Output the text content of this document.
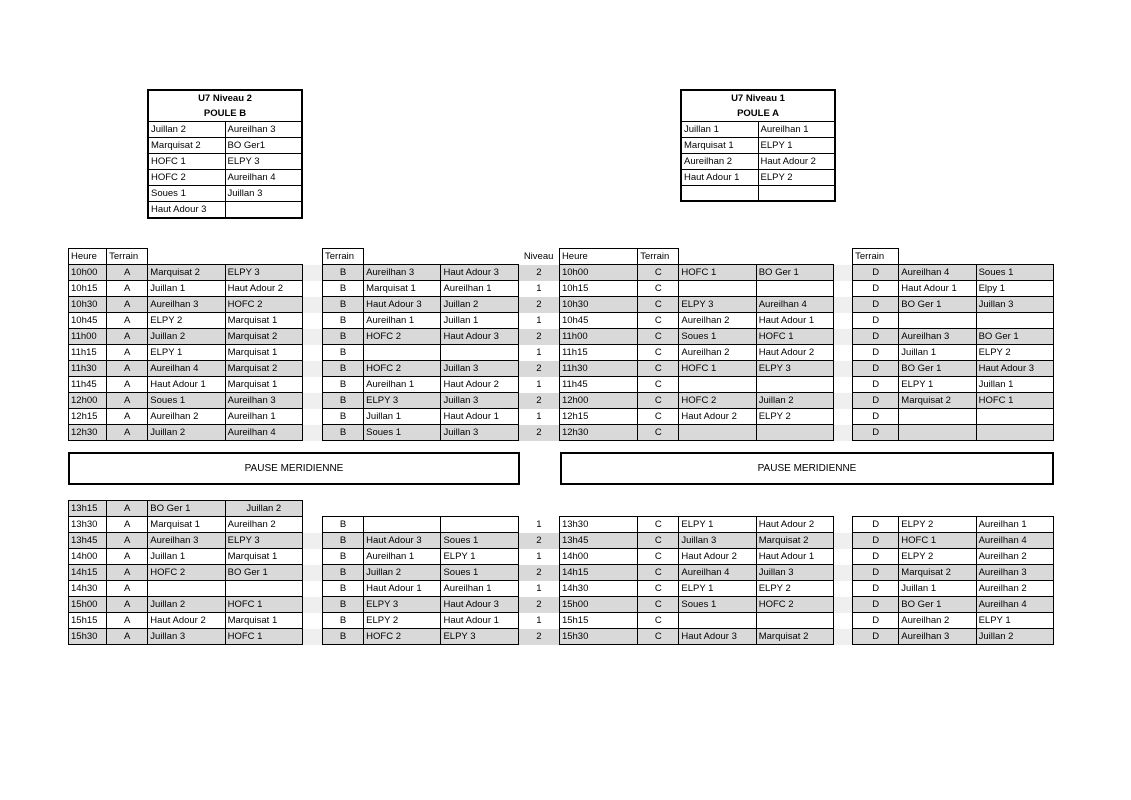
U7 Niveau 2	
POULE B	
Juillan 2	Aureilhan 3
Marquisat 2	BO Ger1
HOFC 1	ELPY 3
HOFC 2	Aureilhan 4
Soues 1	Juillan 3
Haut Adour 3	
U7 Niveau 1	
POULE A	
Juillan 1	Aureilhan 1
Marquisat 1	ELPY 1
Aureilhan 2	Haut Adour 2
Haut Adour 1	ELPY 2

Heure	Terrain				Terrain			Niveau	Heure	Terrain				Terrain		
10h00	A	Marquisat 2	ELPY 3		B	Aureilhan 3	Haut Adour 3	2	10h00	C	HOFC 1	BO Ger 1		D	Aureilhan 4	Soues 1
10h15	A	Juillan 1	Haut Adour 2		B	Marquisat 1	Aureilhan 1	1	10h15	C				D	Haut Adour 1	Elpy 1
10h30	A	Aureilhan 3	HOFC 2		B	Haut Adour 3	Juillan 2	2	10h30	C	ELPY 3	Aureilhan 4		D	BO Ger 1	Juillan 3
10h45	A	ELPY 2	Marquisat 1		B	Aureilhan 1	Juillan 1	1	10h45	C	Aureilhan 2	Haut Adour 1		D		
11h00	A	Juillan 2	Marquisat 2		B	HOFC 2	Haut Adour 3	2	11h00	C	Soues 1	HOFC 1		D	Aureilhan 3	BO Ger 1
11h15	A	ELPY 1	Marquisat 1		B			1	11h15	C	Aureilhan 2	Haut Adour 2		D	Juillan 1	ELPY 2
11h30	A	Aureilhan 4	Marquisat 2		B	HOFC 2	Juillan 3	2	11h30	C	HOFC 1	ELPY 3		D	BO Ger 1	Haut Adour 3
11h45	A	Haut Adour 1	Marquisat 1		B	Aureilhan 1	Haut Adour 2	1	11h45	C				D	ELPY 1	Juillan 1
12h00	A	Soues 1	Aureilhan 3		B	ELPY 3	Juillan 3	2	12h00	C	HOFC 2	Juillan 2		D	Marquisat 2	HOFC 1
12h15	A	Aureilhan 2	Aureilhan 1		B	Juillan 1	Haut Adour 1	1	12h15	C	Haut Adour 2	ELPY 2		D		
12h30	A	Juillan 2	Aureilhan 4		B	Soues 1	Juillan 3	2	12h30	C				D		
PAUSE MERIDIENNE	PAUSE MERIDIENNE
13h15	A	BO Ger 1	Juillan 2													
13h30	A	Marquisat 1	Aureilhan 2		B			1	13h30	C	ELPY 1	Haut Adour 2		D	ELPY 2	Aureilhan 1
13h45	A	Aureilhan 3	ELPY 3		B	Haut Adour 3	Soues 1	2	13h45	C	Juillan 3	Marquisat 2		D	HOFC 1	Aureilhan 4
14h00	A	Juillan 1	Marquisat 1		B	Aureilhan 1	ELPY 1	1	14h00	C	Haut Adour 2	Haut Adour 1		D	ELPY 2	Aureilhan 2
14h15	A	HOFC 2	BO Ger 1		B	Juillan 2	Soues 1	2	14h15	C	Aureilhan 4	Juillan 3		D	Marquisat 2	Aureilhan 3
14h30	A				B	Haut Adour 1	Aureilhan 1	1	14h30	C	ELPY 1	ELPY 2		D	Juillan 1	Aureilhan 2
15h00	A	Juillan 2	HOFC 1		B	ELPY 3	Haut Adour 3	2	15h00	C	Soues 1	HOFC 2		D	BO Ger 1	Aureilhan 4
15h15	A	Haut Adour 2	Marquisat 1		B	ELPY 2	Haut Adour 1	1	15h15	C				D	Aureilhan 2	ELPY 1
15h30	A	Juillan 3	HOFC 1		B	HOFC 2	ELPY 3	2	15h30	C	Haut Adour 3	Marquisat 2		D	Aureilhan 3	Juillan 2
